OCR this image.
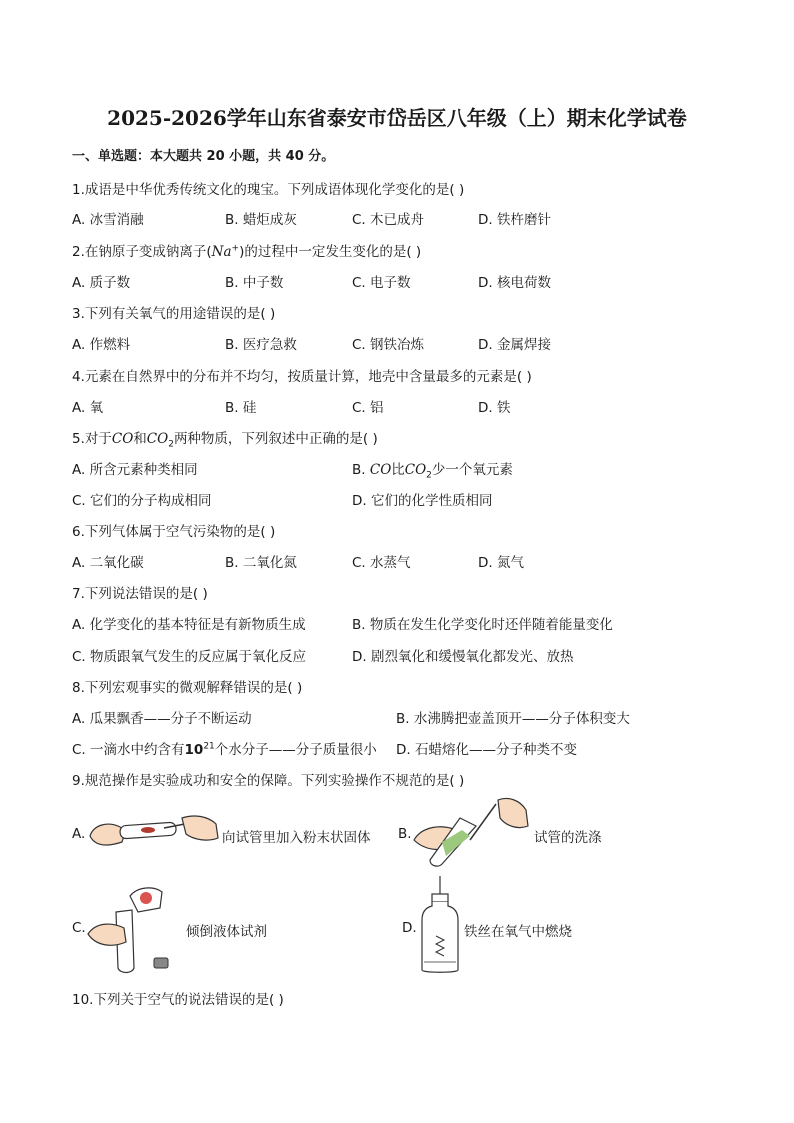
2025-2026学年山东省泰安市岱岳区八年级（上）期末化学试卷
一、单选题：本大题共 20 小题，共 40 分。
1.成语是中华优秀传统文化的瑰宝。下列成语体现化学变化的是( )
A. 冰雪消融	B. 蜡炬成灰	C. 木已成舟	D. 铁杵磨针
2.在钠原子变成钠离子(Na+)的过程中一定发生变化的是( )
A. 质子数	B. 中子数	C. 电子数	D. 核电荷数
3.下列有关氧气的用途错误的是( )
A. 作燃料	B. 医疗急救	C. 钢铁冶炼	D. 金属焊接
4.元素在自然界中的分布并不均匀，按质量计算，地壳中含量最多的元素是( )
A. 氧	B. 硅	C. 铝	D. 铁
5.对于CO和$CO_2$两种物质，下列叙述中正确的是( )
A. 所含元素种类相同	B. CO比$CO_2$少一个氧元素
C. 它们的分子构成相同	D. 它们的化学性质相同
6.下列气体属于空气污染物的是( )
A. 二氧化碳	B. 二氧化氮	C. 水蒸气	D. 氮气
7.下列说法错误的是( )
A. 化学变化的基本特征是有新物质生成	B. 物质在发生化学变化时还伴随着能量变化
C. 物质跟氧气发生的反应属于氧化反应	D. 剧烈氧化和缓慢氧化都发光、放热
8.下列宏观事实的微观解释错误的是( )
A. 瓜果飘香——分子不断运动	B. 水沸腾把壶盖顶开——分子体积变大
C. 一滴水中约含有$10^{21}$个水分子——分子质量很小 D. 石蜡熔化——分子种类不变
9.规范操作是实验成功和安全的保障。下列实验操作不规范的是( )
A.	向试管里加入粉末状固体 B.	试管的洗涤
C.	倾倒液体试剂	D.	铁丝在氧气中燃烧
10.下列关于空气的说法错误的是( )
